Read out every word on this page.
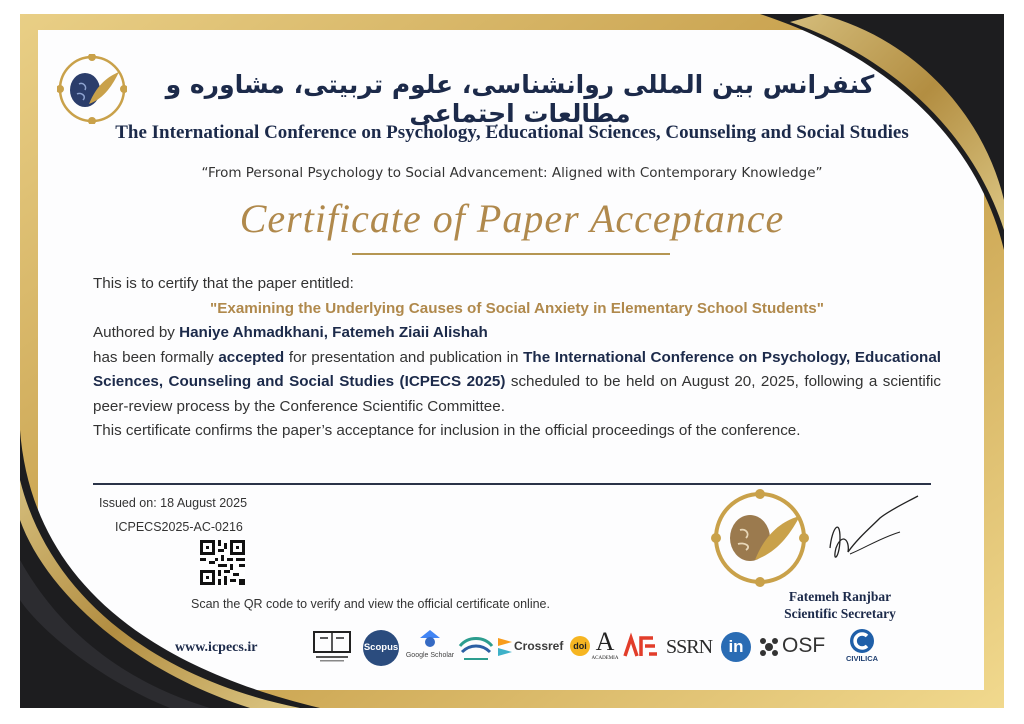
کنفرانس بین المللی روانشناسی، علوم تربیتی، مشاوره و مطالعات اجتماعی
The International Conference on Psychology, Educational Sciences, Counseling and Social Studies
“From Personal Psychology to Social Advancement: Aligned with Contemporary Knowledge”
Certificate of Paper Acceptance

This is to certify that the paper entitled:

"Examining the Underlying Causes of Social Anxiety in Elementary School Students"

Authored by Haniye Ahmadkhani, Fatemeh Ziaii Alishah

has been formally accepted for presentation and publication in The International Conference on Psychology, Educational Sciences, Counseling and Social Studies (ICPECS 2025) scheduled to be held on August 20, 2025, following a scientific peer-review process by the Conference Scientific Committee.

This certificate confirms the paper’s acceptance for inclusion in the official proceedings of the conference.

Issued on: 18 August 2025
ICPECS2025-AC-0216
Scan the QR code to verify and view the official certificate online.	Fatemeh Ranjbar
Scientific Secretary
www.icpecs.ir	Scopus
Google Scholar
Crossref	doi A
ACADEMIA
SSRN in	OSF
CIVILICA
